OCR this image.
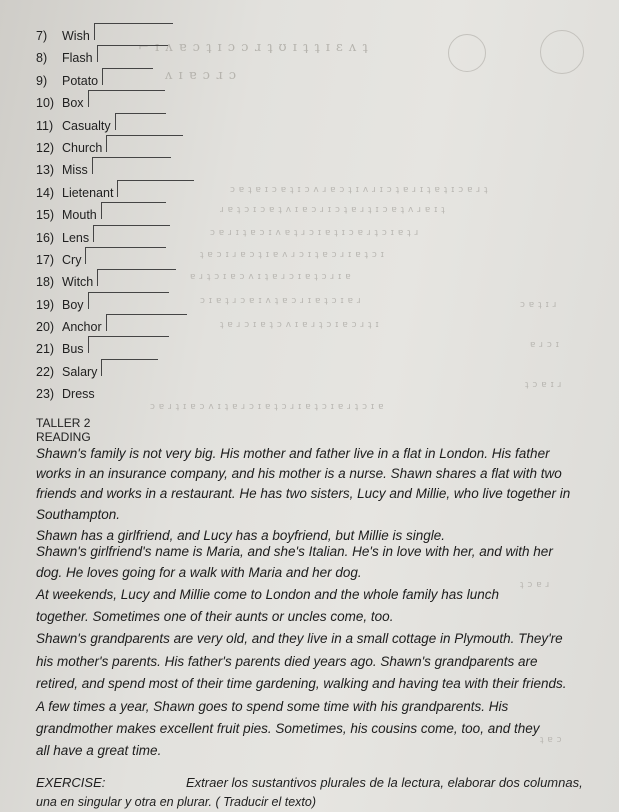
⌐ ɪ ʌ ɐ ɔ ʇ ɪ ɔ ɔ ɹ ʇ ʊ ɪ ʇ ʇ ɪ ɛ ʌ ʇ
ʌ ɪ ɐ ɔ ɹ ɔ
ɔ ɐ ʇ ɐ ɪ ɔ ɐ ʇ ɪ ɔ ʌ ɹ ɐ ɔ ʇ ɪ ʌ ɹ ɪ ɔ ʇ ɐ ɹ ɪ ʇ ɐ ʇ ɪ ɔ ɐ ɹ ʇ
ɹ ɐ ʇ ɔ ɪ ɔ ɐ ʇ ʌ ɪ ɐ ɔ ɹ ɪ ɔ ʇ ɐ ɹ ʇ ɪ ɔ ɐ ʇ ʌ ɹ ɐ ɪ ʇ
ɔ ɐ ɹ ɪ ʇ ɐ ɔ ɪ ʌ ɐ ʇ ɹ ɔ ɪ ɐ ʇ ɪ ɔ ɐ ɹ ʇ ɔ ɪ ɐ ʇ ɹ
ʇ ɐ ɔ ɪ ɹ ɐ ɔ ʇ ɪ ɐ ʌ ɹ ɔ ɪ ʇ ɐ ɔ ɹ ɪ ɐ ʇ ɔ ɪ
ɐ ɹ ʇ ɔ ɪ ɐ ɔ ʌ ɪ ʇ ɐ ɹ ɔ ɪ ɐ ʇ ɔ ɹ ɪ ɐ
ɔ ɪ ɐ ʇ ɹ ɔ ɐ ɪ ʌ ʇ ɐ ɔ ɹ ɪ ɐ ʇ ɔ ɪ ɐ ɹ
ʇ ɐ ɹ ɔ ɪ ɐ ʇ ɔ ʌ ɪ ɐ ɹ ʇ ɔ ɪ ɐ ɔ ɹ ʇ ɪ
ɔ ɐ ʇ ɪ ɹ
ɐ ɹ ɔ ɪ
ʇ ɔ ɐ ɪ ɹ
ɔ ɐ ɹ ʇ ɪ ɐ ɔ ʌ ɪ ʇ ɐ ɹ ɔ ɪ ɐ ʇ ɔ ɹ ɪ ɐ ʇ ɔ ɪ ɐ ɹ ʇ ɔ ɪ ɐ
ʇ ɔ ɐ ɹ
ʇ ɐ ɔ
7)	Wish
8)	Flash
9)	Potato
10) Box
11) Casualty
12) Church
13) Miss
14) Lietenant
15) Mouth
16) Lens
17) Cry
18) Witch
19) Boy
20) Anchor
21) Bus
22) Salary
23) Dress
TALLER 2
READING
Shawn's family is not very big. His mother and father live in a flat in London. His father
works in an insurance company, and his mother is a nurse. Shawn shares a flat with two
friends and works in a restaurant. He has two sisters, Lucy and Millie, who live together in
Southampton.
Shawn has a girlfriend, and Lucy has a boyfriend, but Millie is single.
Shawn's girlfriend's name is Maria, and she's Italian. He's in love with her, and with her
dog. He loves going for a walk with Maria and her dog.
At weekends, Lucy and Millie come to London and the whole family has lunch
together. Sometimes one of their aunts or uncles come, too.
Shawn's grandparents are very old, and they live in a small cottage in Plymouth. They're
his mother's parents. His father's parents died years ago. Shawn's grandparents are
retired, and spend most of their time gardening, walking and having tea with their friends.
A few times a year, Shawn goes to spend some time with his grandparents. His
grandmother makes excellent fruit pies. Sometimes, his cousins come, too, and they
all have a great time.
EXERCISE:	Extraer los sustantivos plurales de la lectura, elaborar dos columnas,
una en singular y otra en plurar. ( Traducir el texto)
